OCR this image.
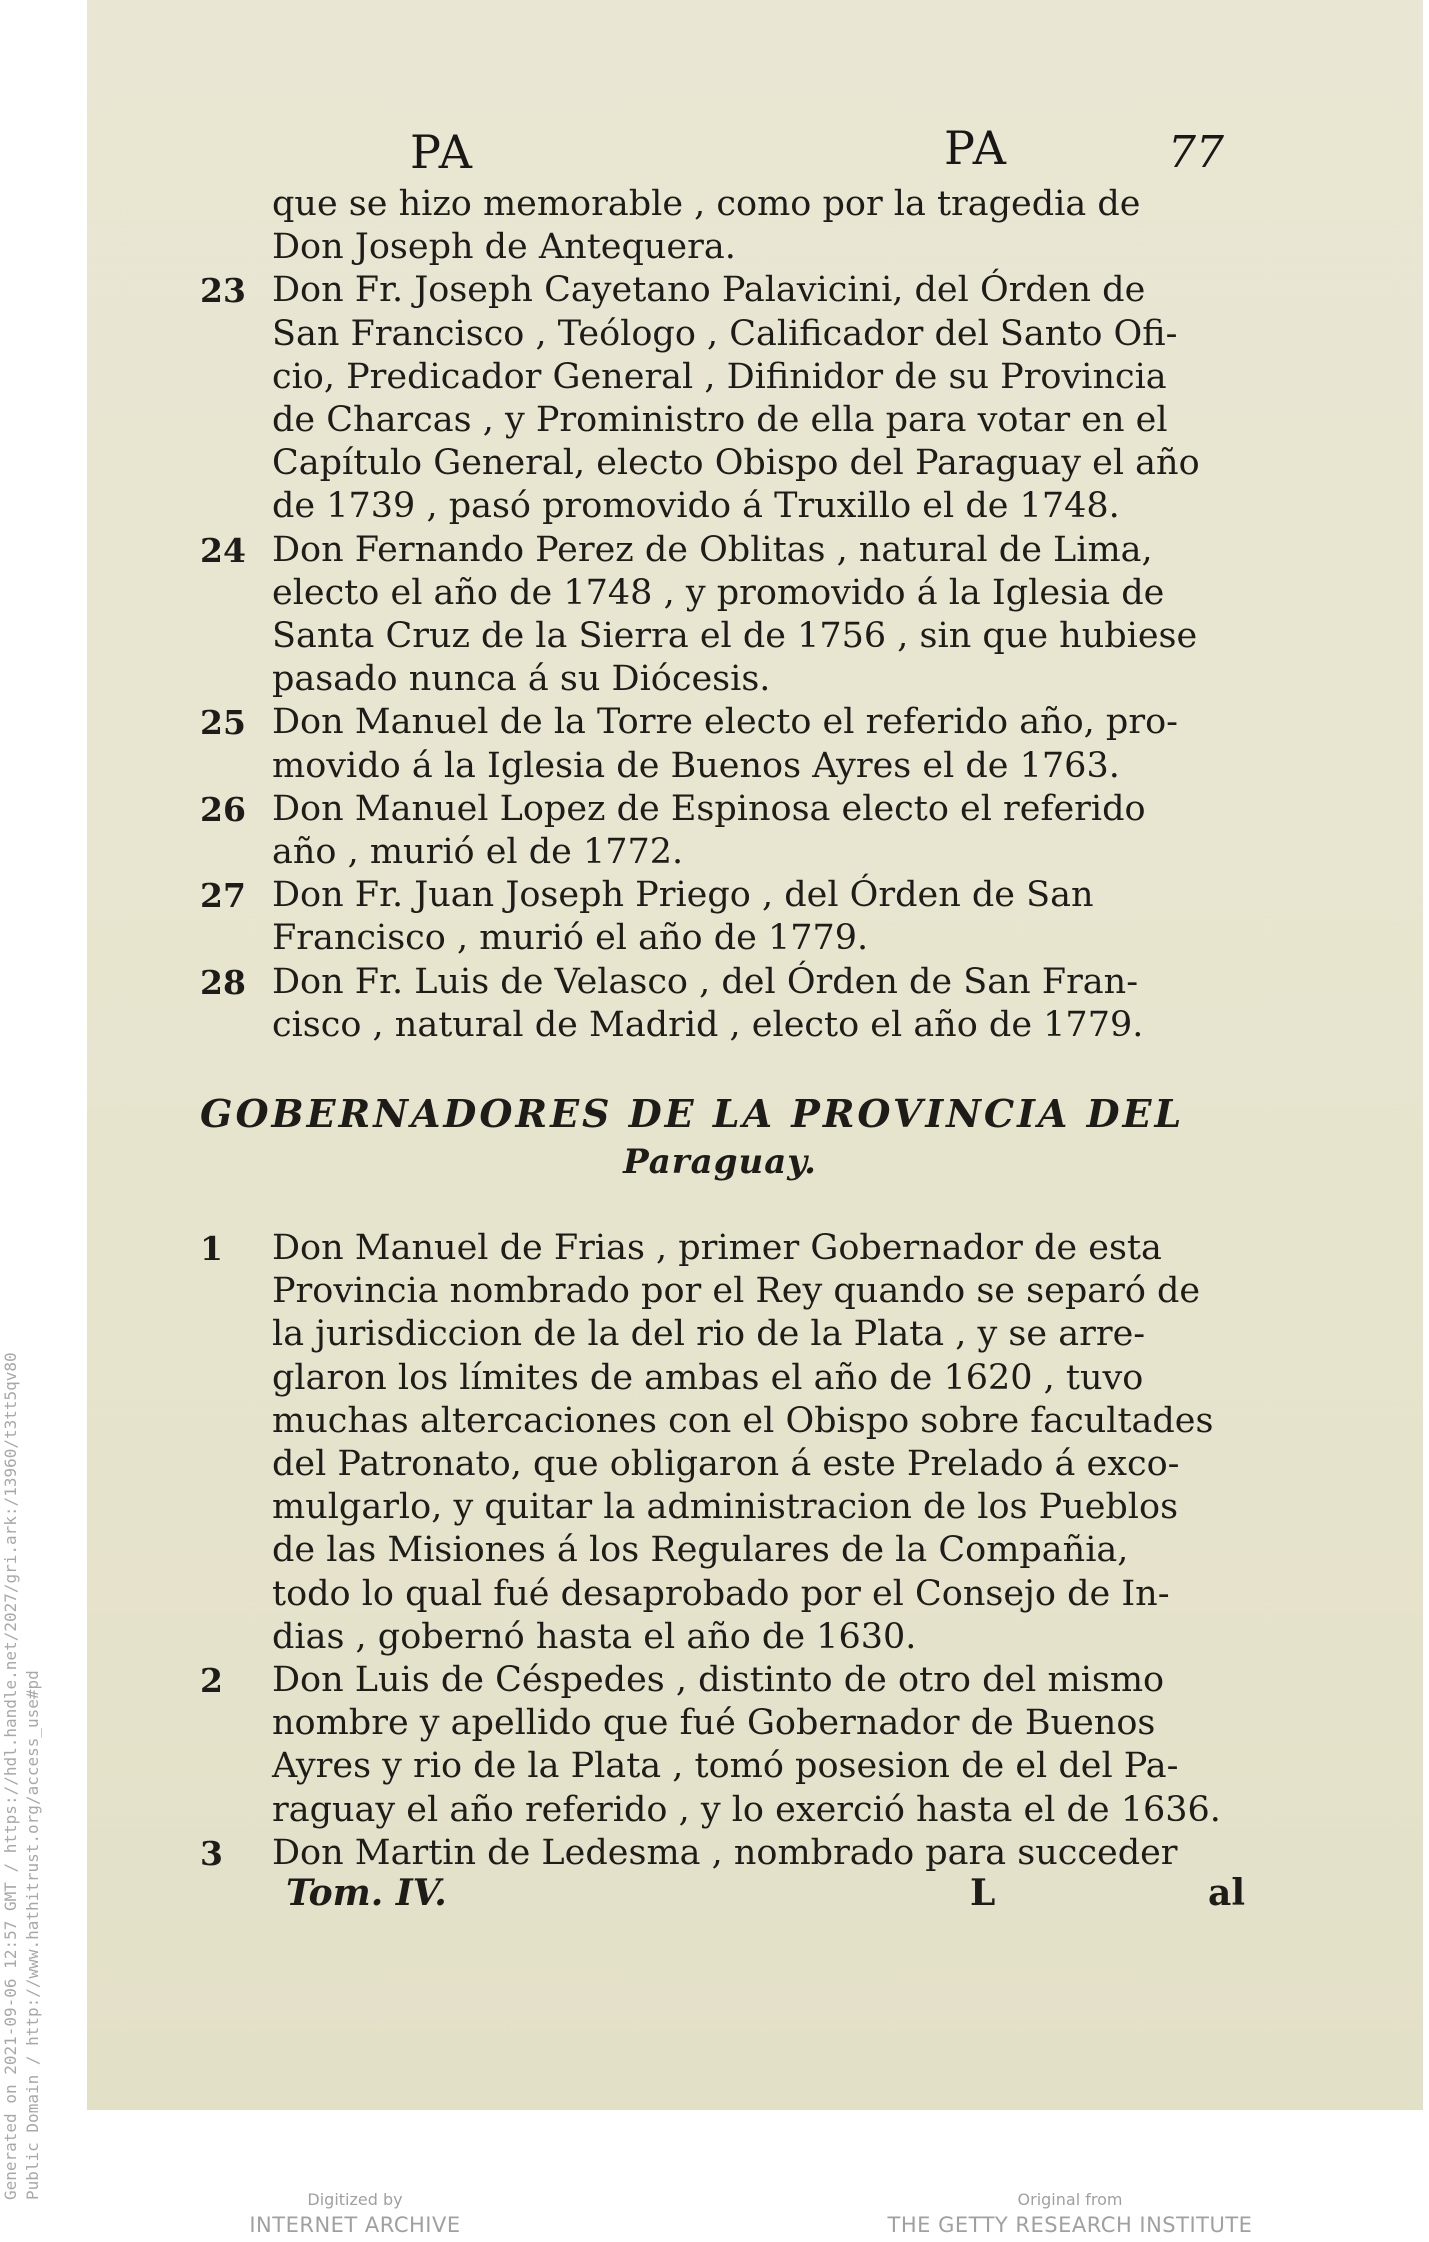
PA	PA	77
que se hizo memorable , como por la tragedia de
Don Joseph de Antequera.
23 Don Fr. Joseph Cayetano Palavicini, del Órden de
San Francisco , Teólogo , Calificador del Santo Ofi-
cio, Predicador General , Difinidor de su Provincia
de Charcas , y Proministro de ella para votar en el
Capítulo General, electo Obispo del Paraguay el año
de 1739 , pasó promovido á Truxillo el de 1748.
24 Don Fernando Perez de Oblitas , natural de Lima,
electo el año de 1748 , y promovido á la Iglesia de
Santa Cruz de la Sierra el de 1756 , sin que hubiese
pasado nunca á su Diócesis.
25 Don Manuel de la Torre electo el referido año, pro-
movido á la Iglesia de Buenos Ayres el de 1763.
26 Don Manuel Lopez de Espinosa electo el referido
año , murió el de 1772.
27 Don Fr. Juan Joseph Priego , del Órden de San
Francisco , murió el año de 1779.
28 Don Fr. Luis de Velasco , del Órden de San Fran-
cisco , natural de Madrid , electo el año de 1779.
GOBERNADORES DE LA PROVINCIA DEL
Paraguay.
1	Don Manuel de Frias , primer Gobernador de esta
Provincia nombrado por el Rey quando se separó de
la jurisdiccion de la del rio de la Plata , y se arre-
glaron los límites de ambas el año de 1620 , tuvo
muchas altercaciones con el Obispo sobre facultades
del Patronato, que obligaron á este Prelado á exco-
mulgarlo, y quitar la administracion de los Pueblos
de las Misiones á los Regulares de la Compañia,
todo lo qual fué desaprobado por el Consejo de In-
dias , gobernó hasta el año de 1630.
2	Don Luis de Céspedes , distinto de otro del mismo
nombre y apellido que fué Gobernador de Buenos
Ayres y rio de la Plata , tomó posesion de el del Pa-
raguay el año referido , y lo exerció hasta el de 1636.
3	Don Martin de Ledesma , nombrado para succeder
Tom. IV.	L	al
Generated on 2021-09-06 12:57 GMT / https://hdl.handle.net/2027/gri.ark:/13960/t3tt5qv80 Public Domain / http://www.hathitrust.org/access_use#pd	Digitized by
INTERNET ARCHIVE
Original from
THE GETTY RESEARCH INSTITUTE
